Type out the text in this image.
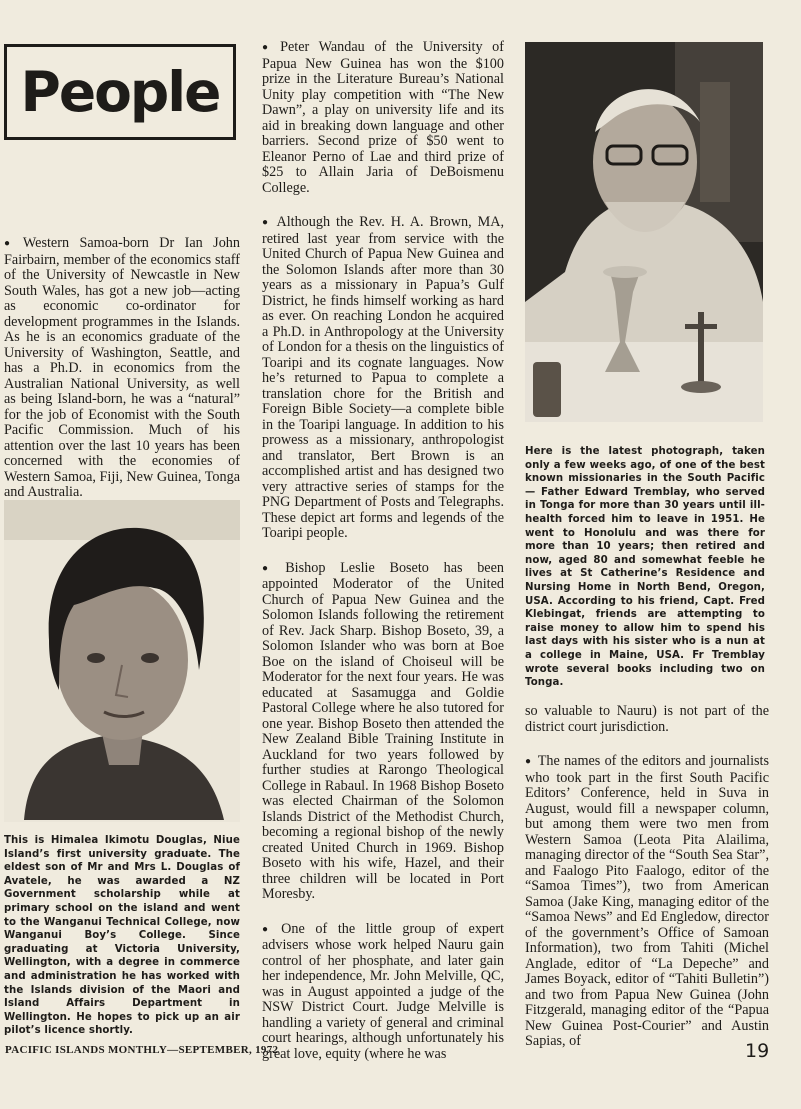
People

● Western Samoa-born Dr Ian John Fairbairn, member of the economics staff of the University of Newcastle in New South Wales, has got a new job—acting as economic co-ordinator for development programmes in the Islands. As he is an economics graduate of the University of Washington, Seattle, and has a Ph.D. in economics from the Australian National University, as well as being Island-born, he was a “natural” for the job of Economist with the South Pacific Commission. Much of his attention over the last 10 years has been concerned with the economies of Western Samoa, Fiji, New Guinea, Tonga and Australia.

This is Himalea Ikimotu Douglas, Niue Island’s first university graduate. The eldest son of Mr and Mrs L. Douglas of Avatele, he was awarded a NZ Government scholarship while at primary school on the island and went to the Wanganui Technical College, now Wanganui Boy’s College. Since graduating at Victoria University, Wellington, with a degree in commerce and administration he has worked with the Islands division of the Maori and Island Affairs Department in Wellington. He hopes to pick up an air pilot’s licence shortly.

● Peter Wandau of the University of Papua New Guinea has won the $100 prize in the Literature Bureau’s National Unity play competition with “The New Dawn”, a play on university life and its aid in breaking down language and other barriers. Second prize of $50 went to Eleanor Perno of Lae and third prize of $25 to Allain Jaria of DeBoismenu College.

● Although the Rev. H. A. Brown, MA, retired last year from service with the United Church of Papua New Guinea and the Solomon Islands after more than 30 years as a missionary in Papua’s Gulf District, he finds himself working as hard as ever. On reaching London he acquired a Ph.D. in Anthropology at the University of London for a thesis on the linguistics of Toaripi and its cognate languages. Now he’s returned to Papua to complete a translation chore for the British and Foreign Bible Society—a complete bible in the Toaripi language. In addition to his prowess as a missionary, anthropologist and translator, Bert Brown is an accomplished artist and has designed two very attractive series of stamps for the PNG Department of Posts and Telegraphs. These depict art forms and legends of the Toaripi people.

● Bishop Leslie Boseto has been appointed Moderator of the United Church of Papua New Guinea and the Solomon Islands following the retirement of Rev. Jack Sharp. Bishop Boseto, 39, a Solomon Islander who was born at Boe Boe on the island of Choiseul will be Moderator for the next four years. He was educated at Sasamugga and Goldie Pastoral College where he also tutored for one year. Bishop Boseto then attended the New Zealand Bible Training Institute in Auckland for two years followed by further studies at Rarongo Theological College in Rabaul. In 1968 Bishop Boseto was elected Chairman of the Solomon Islands District of the Methodist Church, becoming a regional bishop of the newly created United Church in 1969. Bishop Boseto with his wife, Hazel, and their three children will be located in Port Moresby.

● One of the little group of expert advisers whose work helped Nauru gain control of her phosphate, and later gain her independence, Mr. John Melville, QC, was in August appointed a judge of the NSW District Court. Judge Melville is handling a variety of general and criminal court hearings, although unfortunately his great love, equity (where he was

Here is the latest photograph, taken only a few weeks ago, of one of the best known missionaries in the South Pacific — Father Edward Tremblay, who served in Tonga for more than 30 years until ill-health forced him to leave in 1951. He went to Honolulu and was there for more than 10 years; then retired and now, aged 80 and somewhat feeble he lives at St Catherine’s Residence and Nursing Home in North Bend, Oregon, USA. According to his friend, Capt. Fred Klebingat, friends are attempting to raise money to allow him to spend his last days with his sister who is a nun at a college in Maine, USA. Fr Tremblay wrote several books including two on Tonga.

so valuable to Nauru) is not part of the district court jurisdiction.

● The names of the editors and journalists who took part in the first South Pacific Editors’ Conference, held in Suva in August, would fill a newspaper column, but among them were two men from Western Samoa (Leota Pita Alailima, managing director of the “South Sea Star”, and Faalogo Pito Faalogo, editor of the “Samoa Times”), two from American Samoa (Jake King, managing editor of the “Samoa News” and Ed Engledow, director of the government’s Office of Samoan Information), two from Tahiti (Michel Anglade, editor of “La Depeche” and James Boyack, editor of “Tahiti Bulletin”) and two from Papua New Guinea (John Fitzgerald, managing editor of the “Papua New Guinea Post-Courier” and Austin Sapias, of

PACIFIC ISLANDS MONTHLY—SEPTEMBER, 1972	19
